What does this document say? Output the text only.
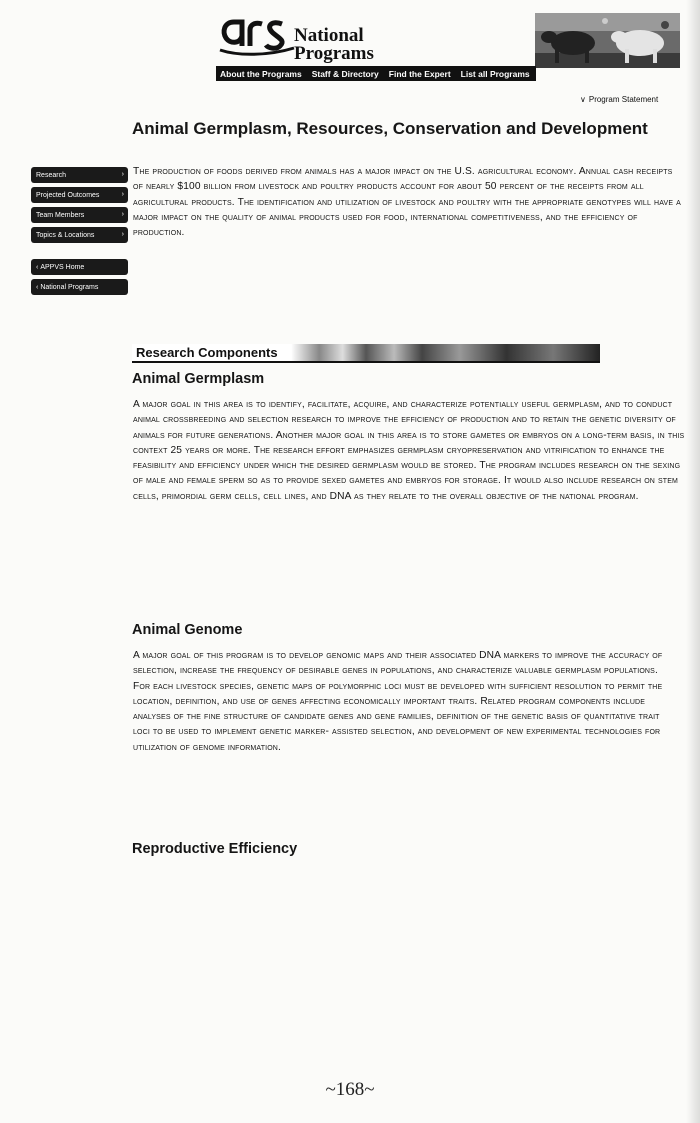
National
Programs
About the Programs Staff & Directory Find the Expert List all Programs
∨ Program Statement
Research	›
Projected Outcomes	›
Team Members	›
Topics & Locations	›
‹ APPVS Home
‹ National Programs
Animal Germplasm, Resources, Conservation and Development

The production of foods derived from animals has a major impact on the U.S. agricultural economy. Annual cash receipts of nearly $100 billion from livestock and poultry products account for about 50 percent of the receipts from all agricultural products. The identification and utilization of livestock and poultry with the appropriate genotypes will have a major impact on the quality of animal products used for food, international competitiveness, and the efficiency of production.

Research Components
Animal Germplasm

A major goal in this area is to identify, facilitate, acquire, and characterize potentially useful germplasm, and to conduct animal crossbreeding and selection research to improve the efficiency of production and to retain the genetic diversity of animals for future generations. Another major goal in this area is to store gametes or embryos on a long-term basis, in this context 25 years or more. The research effort emphasizes germplasm cryopreservation and vitrification to enhance the feasibility and efficiency under which the desired germplasm would be stored. The program includes research on the sexing of male and female sperm so as to provide sexed gametes and embryos for storage. It would also include research on stem cells, primordial germ cells, cell lines, and DNA as they relate to the overall objective of the national program.

Animal Genome

A major goal of this program is to develop genomic maps and their associated DNA markers to improve the accuracy of selection, increase the frequency of desirable genes in populations, and characterize valuable germplasm populations. For each livestock species, genetic maps of polymorphic loci must be developed with sufficient resolution to permit the location, definition, and use of genes affecting economically important traits. Related program components include analyses of the fine structure of candidate genes and gene families, definition of the genetic basis of quantitative trait loci to be used to implement genetic marker- assisted selection, and development of new experimental technologies for utilization of genome information.

Reproductive Efficiency
~168~
